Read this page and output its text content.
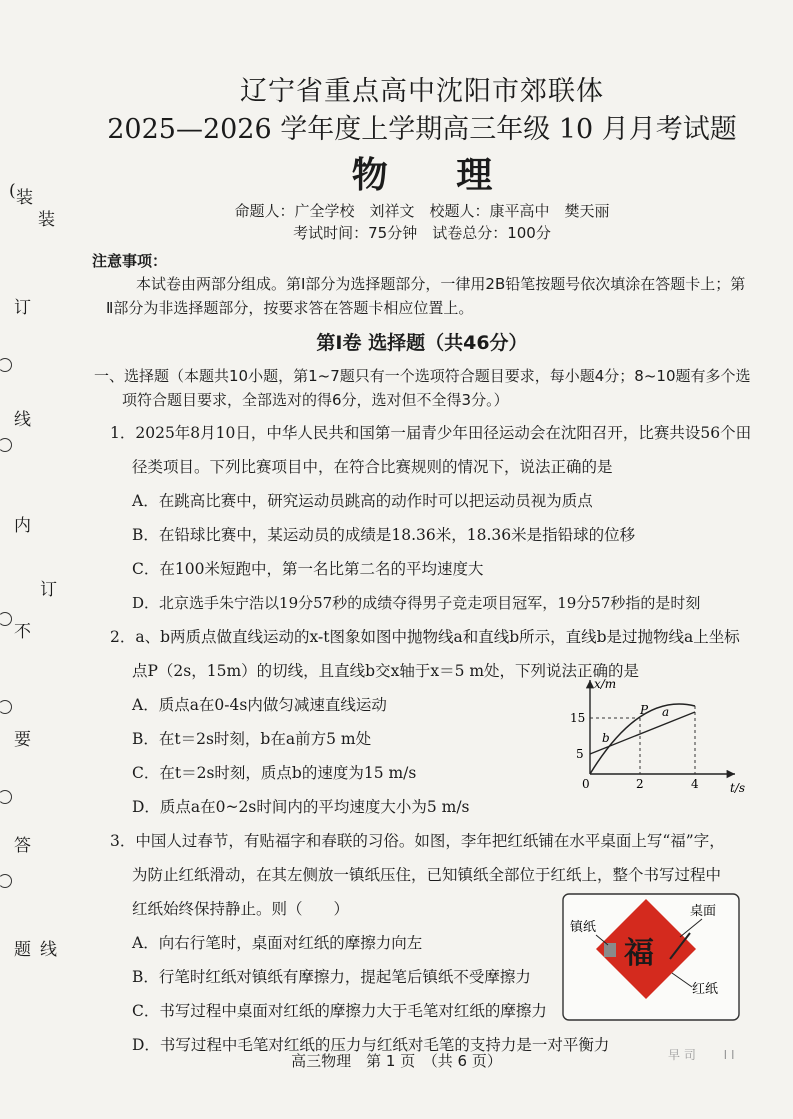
( 装
装
订
线
内
订
不
要
答
题 线
辽宁省重点高中沈阳市郊联体
2025—2026 学年度上学期高三年级 10 月月考试题
物 理
命题人：广全学校　刘祥文　校题人：康平高中　樊天丽
考试时间：75分钟　试卷总分：100分
注意事项：
本试卷由两部分组成。第Ⅰ部分为选择题部分，一律用2B铅笔按题号依次填涂在答题卡上；第Ⅱ部分为非选择题部分，按要求答在答题卡相应位置上。
第Ⅰ卷 选择题（共46分）
一、选择题（本题共10小题，第1~7题只有一个选项符合题目要求，每小题4分；8~10题有多个选项符合题目要求，全部选对的得6分，选对但不全得3分。）
1．2025年8月10日，中华人民共和国第一届青少年田径运动会在沈阳召开，比赛共设56个田径类项目。下列比赛项目中，在符合比赛规则的情况下，说法正确的是
A．在跳高比赛中，研究运动员跳高的动作时可以把运动员视为质点
B．在铅球比赛中，某运动员的成绩是18.36米，18.36米是指铅球的位移
C．在100米短跑中，第一名比第二名的平均速度大
D．北京选手朱宁浩以19分57秒的成绩夺得男子竞走项目冠军，19分57秒指的是时刻
2．a、b两质点做直线运动的x-t图象如图中抛物线a和直线b所示，直线b是过抛物线a上坐标点P（2s，15m）的切线，且直线b交x轴于x＝5 m处，下列说法正确的是
A．质点a在0-4s内做匀减速直线运动
B．在t＝2s时刻，b在a前方5 m处
C．在t＝2s时刻，质点b的速度为15 m/s
D．质点a在0~2s时间内的平均速度大小为5 m/s
3．中国人过春节，有贴福字和春联的习俗。如图，李年把红纸铺在水平桌面上写“福”字，为防止红纸滑动，在其左侧放一镇纸压住，已知镇纸全部位于红纸上，整个书写过程中红纸始终保持静止。则（　　）
A．向右行笔时，桌面对红纸的摩擦力向左
B．行笔时红纸对镇纸有摩擦力，提起笔后镇纸不受摩擦力
C．书写过程中桌面对红纸的摩擦力大于毛笔对红纸的摩擦力
D．书写过程中毛笔对红纸的压力与红纸对毛笔的支持力是一对平衡力
x/m
t/s
0
5
15
2	4
P a
b
福
桌面
镇纸
红纸
高三物理　第 1 页　（共 6 页）	早 司　　 Ⅰ Ⅰ
